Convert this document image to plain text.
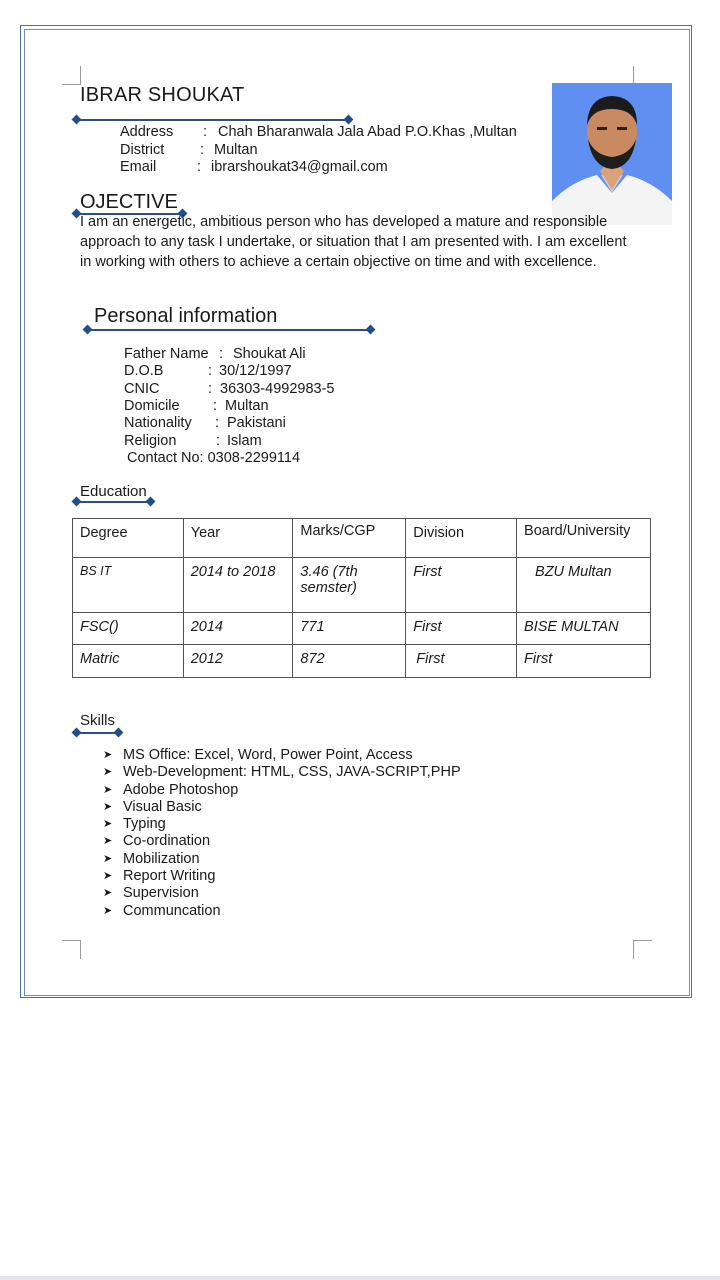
IBRAR SHOUKAT
Address : Chah Bharanwala Jala Abad P.O.Khas ,Multan
District : Multan
Email	: ibrarshoukat34@gmail.com
OJECTIVE
I am an energetic, ambitious person who has developed a mature and responsible approach to any task I undertake, or situation that I am presented with. I am excellent in working with others to achieve a certain objective on time and with excellence.
Personal information
Father Name : Shoukat Ali
D.O.B	: 30/12/1997
CNIC	: 36303-4992983-5
Domicile : Multan
Nationality : Pakistani
Religion	: Islam
Contact No: 0308-2299114
Education
Degree	Year	Marks/CGP	Division	Board/University
BS IT	2014 to 2018	3.46 (7th semster)	First	BZU Multan
FSC()	2014	771	First	BISE MULTAN
Matric	2012	872	First	First
Skills
➤ MS Office: Excel, Word, Power Point, Access
➤ Web-Development: HTML, CSS, JAVA-SCRIPT,PHP
➤ Adobe Photoshop
➤ Visual Basic
➤ Typing
➤ Co-ordination
➤ Mobilization
➤ Report Writing
➤ Supervision
➤ Communcation
